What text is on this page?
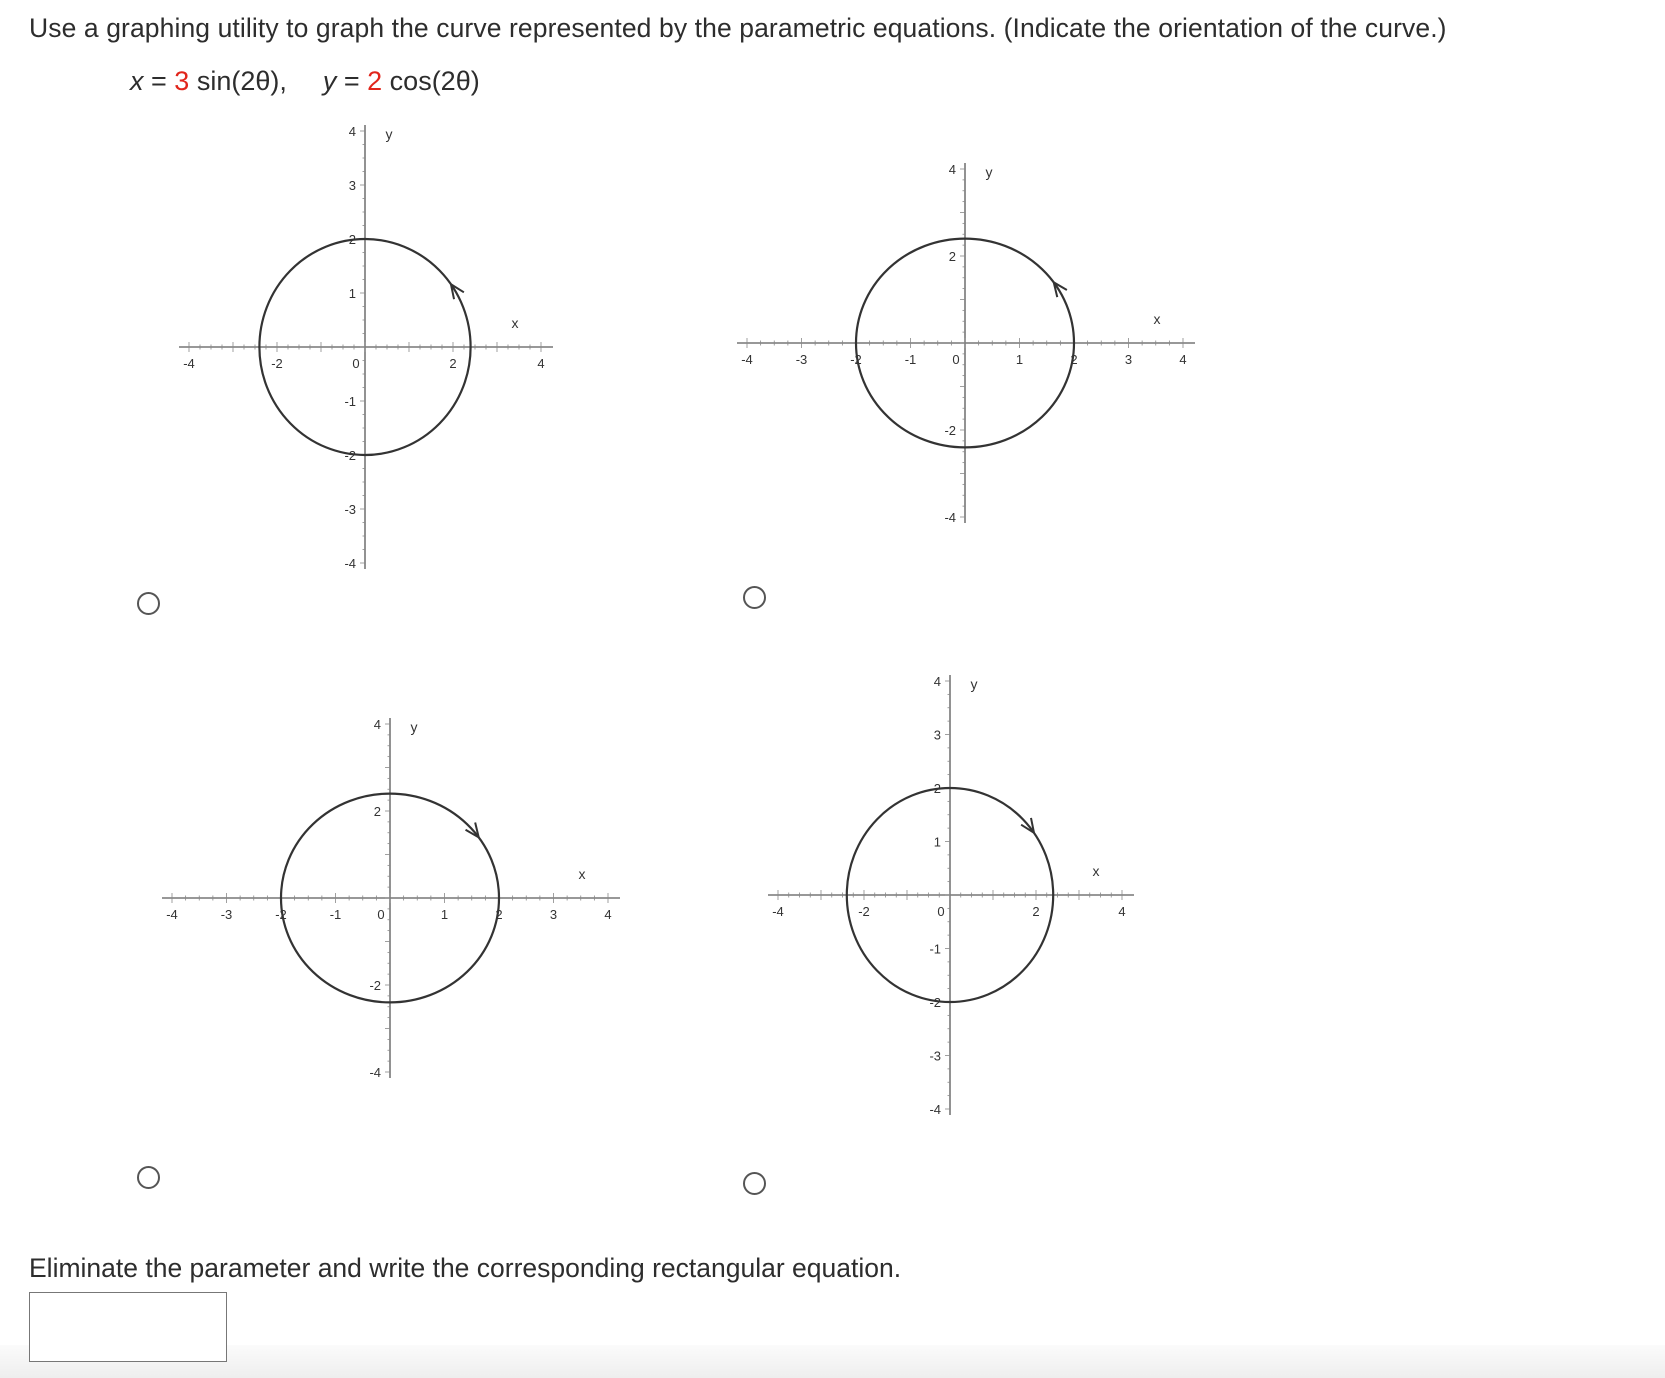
Use a graphing utility to graph the curve represented by the parametric equations. (Indicate the orientation of the curve.)
x = 3 sin(2θ), y = 2 cos(2θ)
-4	-2	0	2	4
4
3
2
1
-1
-2
-3
-4
x
y
-4	-3	-2	-1	0	1	2	3	4
4
2
-2
-4
x
y
-4	-3	-2	-1	0	1	2	3	4
4
2
-2
-4
x
y
-4	-2	0	2	4
4
3
2
1
-1
-2
-3
-4
x
y
Eliminate the parameter and write the corresponding rectangular equation.
